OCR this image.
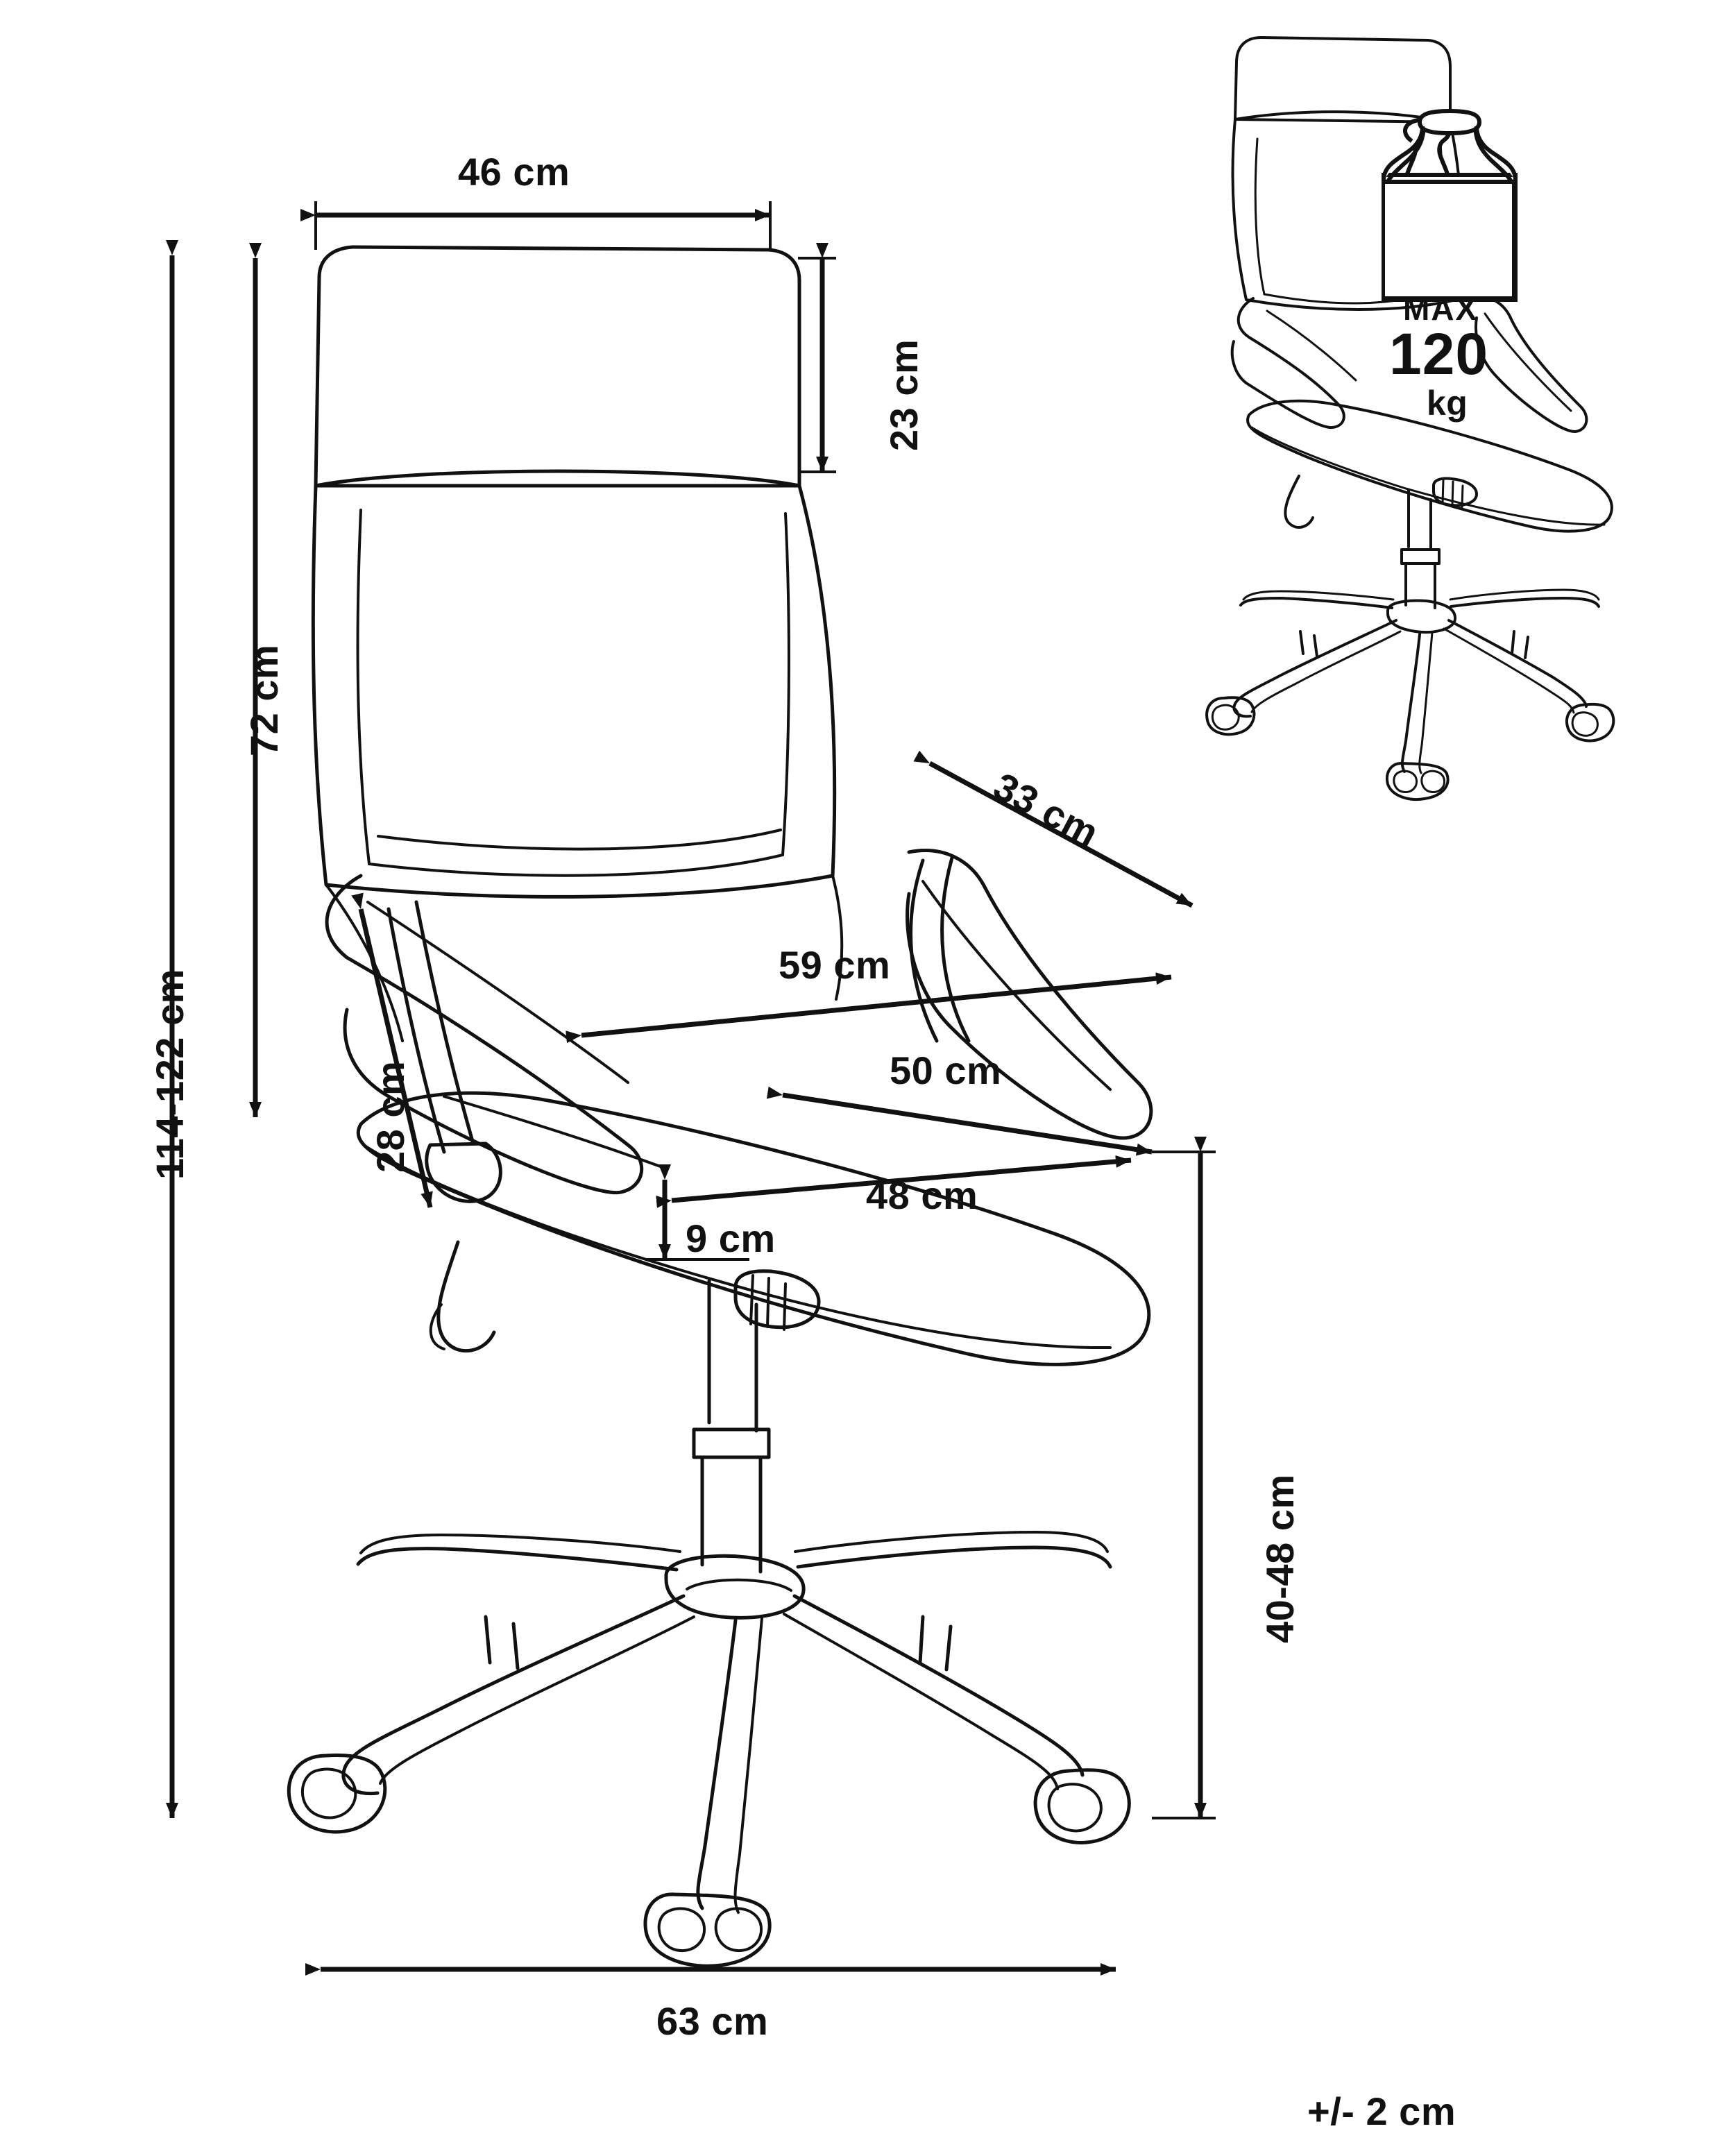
46 cm
23 cm
72 cm
114-122 cm
33 cm
59 cm
28 cm	50 cm
48 cm
9 cm
40-48 cm
63 cm
MAX
120
kg
+/- 2 cm
